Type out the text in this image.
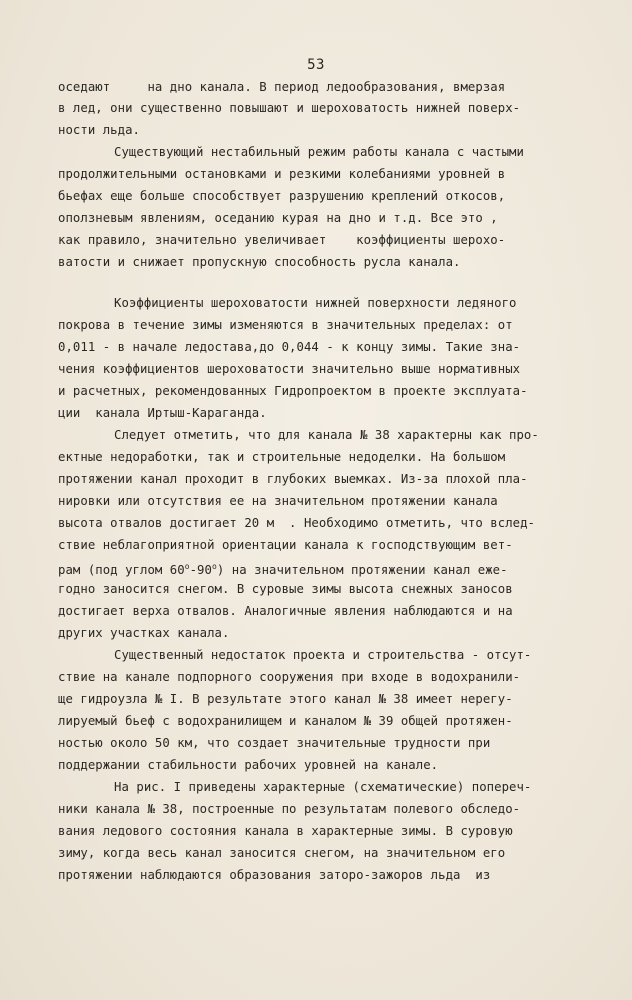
53
оседают     на дно канала. В период ледообразования, вмерзая
в лед, они существенно повышают и шероховатость нижней поверх-
ности льда.
Существующий нестабильный режим работы канала с частыми
продолжительными остановками и резкими колебаниями уровней в
бьефах еще больше способствует разрушению креплений откосов,
оползневым явлениям, оседанию курая на дно и т.д. Все это ,
как правило, значительно увеличивает    коэффициенты шерохо-
ватости и снижает пропускную способность русла канала.
Коэффициенты шероховатости нижней поверхности ледяного
покрова в течение зимы изменяются в значительных пределах: от
0,011 - в начале ледостава,до 0,044 - к концу зимы. Такие зна-
чения коэффициентов шероховатости значительно выше нормативных
и расчетных, рекомендованных Гидропроектом в проекте эксплуата-
ции  канала Иртыш-Караганда.
Следует отметить, что для канала № 38 характерны как про-
ектные недоработки, так и строительные недоделки. На большом
протяжении канал проходит в глубоких выемках. Из-за плохой пла-
нировки или отсутствия ее на значительном протяжении канала
высота отвалов достигает 20 м  . Необходимо отметить, что вслед-
ствие неблагоприятной ориентации канала к господствующим вет-
рам (под углом 60$^o$-90$^o$) на значительном протяжении канал еже-
годно заносится снегом. В суровые зимы высота снежных заносов
достигает верха отвалов. Аналогичные явления наблюдаются и на
других участках канала.
Существенный недостаток проекта и строительства - отсут-
ствие на канале подпорного сооружения при входе в водохранили-
ще гидроузла № I. В результате этого канал № 38 имеет нерегу-
лируемый бьеф с водохранилищем и каналом № 39 общей протяжен-
ностью около 50 км, что создает значительные трудности при
поддержании стабильности рабочих уровней на канале.
На рис. I приведены характерные (схематические) попереч-
ники канала № 38, построенные по результатам полевого обследо-
вания ледового состояния канала в характерные зимы. В суровую
зиму, когда весь канал заносится снегом, на значительном его
протяжении наблюдаются образования заторо-зажоров льда  из
